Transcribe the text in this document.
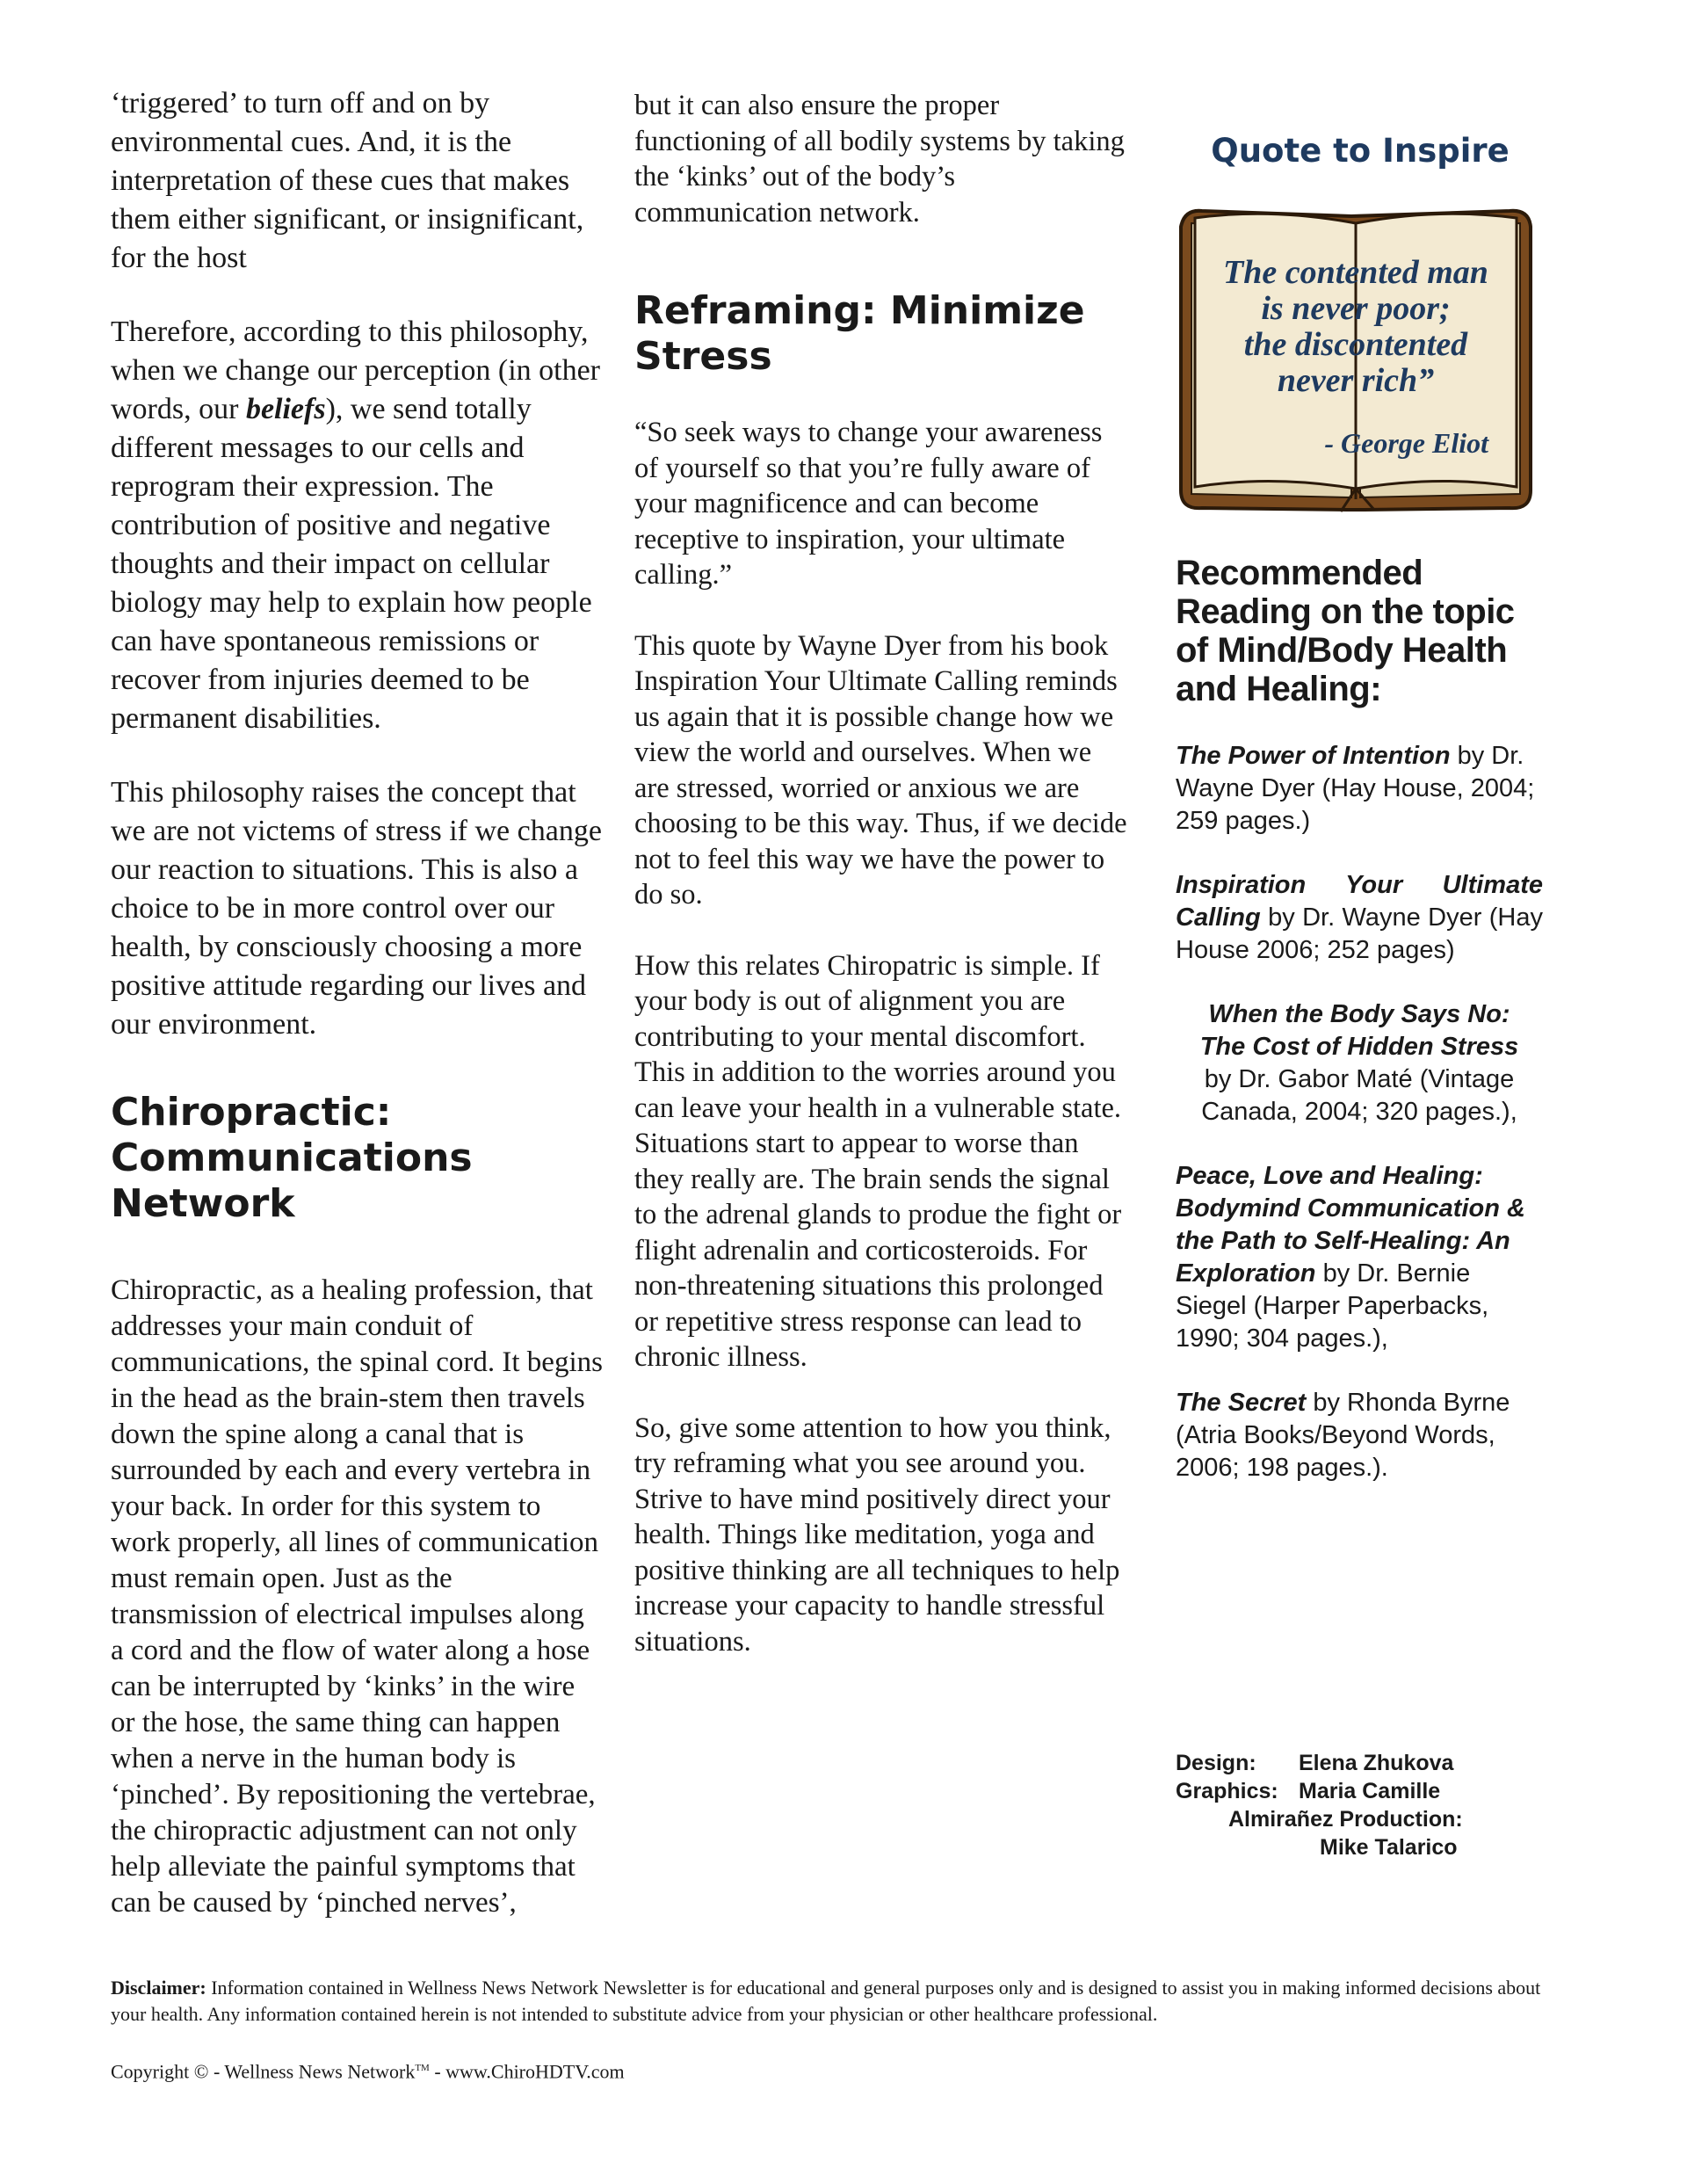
‘triggered’ to turn off and on by environmental cues. And, it is the interpretation of these cues that makes them either significant, or insignificant, for the host

Therefore, according to this philosophy, when we change our perception (in other words, our beliefs), we send totally different messages to our cells and reprogram their expression. The contribution of positive and negative thoughts and their impact on cellular biology may help to explain how people can have spontaneous remissions or recover from injuries deemed to be permanent disabilities.

This philosophy raises the concept that we are not victems of stress if we change our reaction to situations. This is also a choice to be in more control over our health, by consciously choosing a more positive attitude regarding our lives and our environment.

Chiropractic:
Communications
Network

Chiropractic, as a healing profession, that addresses your main conduit of communications, the spinal cord. It begins in the head as the brain-stem then travels down the spine along a canal that is surrounded by each and every vertebra in your back. In order for this system to work properly, all lines of communication must remain open. Just as the transmission of electrical impulses along a cord and the flow of water along a hose can be interrupted by ‘kinks’ in the wire or the hose, the same thing can happen when a nerve in the human body is ‘pinched’. By repositioning the vertebrae, the chiropractic adjustment can not only help alleviate the painful symptoms that can be caused by ‘pinched nerves’,

but it can also ensure the proper functioning of all bodily systems by taking the ‘kinks’ out of the body’s communication network.

Reframing: Minimize
Stress

“So seek ways to change your awareness of yourself so that you’re fully aware of your magnificence and can become receptive to inspiration, your ultimate calling.”

This quote by Wayne Dyer from his book Inspiration Your Ultimate Calling reminds us again that it is possible change how we view the world and ourselves. When we are stressed, worried or anxious we are choosing to be this way. Thus, if we decide not to feel this way we have the power to do so.

How this relates Chiropatric is simple. If your body is out of alignment you are contributing to your mental discomfort. This in addition to the worries around you can leave your health in a vulnerable state. Situations start to appear to worse than they really are. The brain sends the signal to the adrenal glands to produe the fight or flight adrenalin and corticosteroids. For non-threatening situations this prolonged or repetitive stress response can lead to chronic illness.

So, give some attention to how you think, try reframing what you see around you. Strive to have mind positively direct your health. Things like meditation, yoga and positive thinking are all techniques to help increase your capacity to handle stressful situations.

Quote to Inspire
The contented man
is never poor;
the discontented
never rich”
- George Eliot
Recommended
Reading on the topic
of Mind/Body Health
and Healing:

The Power of Intention by Dr. Wayne Dyer (Hay House, 2004; 259 pages.)

Inspiration Your Ultimate Calling by Dr. Wayne Dyer (Hay House 2006; 252 pages)

When the Body Says No:
The Cost of Hidden Stress
by Dr. Gabor Maté (Vintage
Canada, 2004; 320 pages.),

Peace, Love and Healing: Bodymind Communication & the Path to Self-Healing: An Exploration by Dr. Bernie Siegel (Harper Paperbacks, 1990; 304 pages.),

The Secret by Rhonda Byrne (Atria Books/Beyond Words, 2006; 198 pages.).

Design: Elena Zhukova
Graphics: Maria Camille
Almirañez Production:
Mike Talarico

Disclaimer: Information contained in Wellness News Network Newsletter is for educational and general purposes only and is designed to assist you in making informed decisions about your health. Any information contained herein is not intended to substitute advice from your physician or other healthcare professional.

Copyright © - Wellness News Network™ - www.ChiroHDTV.com
